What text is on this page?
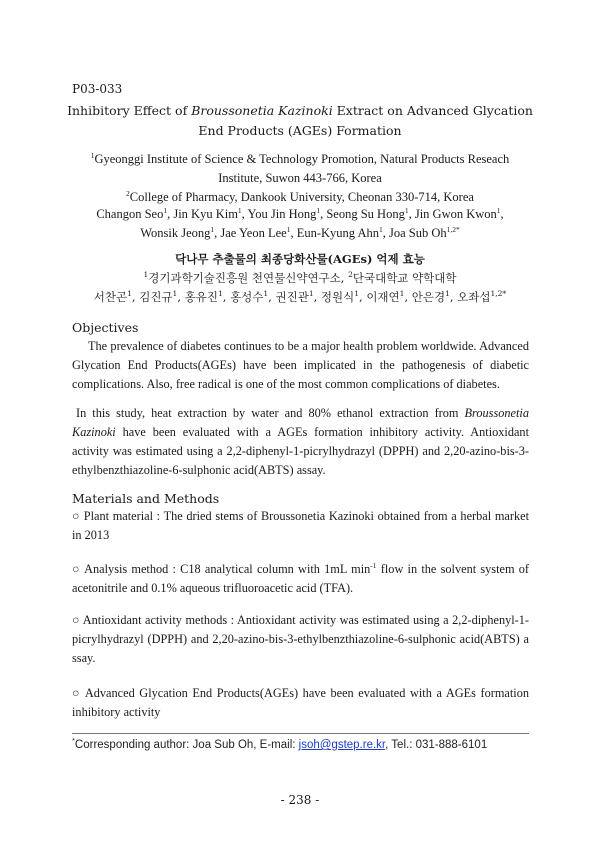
P03-033

Inhibitory Effect of Broussonetia Kazinoki Extract on Advanced Glycation
End Products (AGEs) Formation
$^1$Gyeonggi Institute of Science & Technology Promotion, Natural Products Reseach
Institute, Suwon 443-766, Korea
$^2$College of Pharmacy, Dankook University, Cheonan 330-714, Korea
Changon Seo$^1$, Jin Kyu Kim$^1$, You Jin Hong$^1$, Seong Su Hong$^1$, Jin Gwon Kwon$^1$,
Wonsik Jeong$^1$, Jae Yeon Lee$^1$, Eun-Kyung Ahn$^1$, Joa Sub $Oh^{1,2*}$
닥나무 추출물의 최종당화산물(AGEs) 억제 효능
$^1$경기과학기술진흥원 천연물신약연구소, $^2$단국대학교 약학대학
서찬곤$^1$, 김진규$^1$, 홍유진$^1$, 홍성수$^1$, 권진관$^1$, 정원식$^1$, 이재연$^1$, 안은경$^1$, 오좌섭$^{1,2*}$

Objectives

The prevalence of diabetes continues to be a major health problem worldwide. Advanced Glycation End Products(AGEs) have been implicated in the pathogenesis of diabetic complications. Also, free radical is one of the most common complications of diabetes.

In this study, heat extraction by water and 80% ethanol extraction from Broussonetia Kazinoki have been evaluated with a AGEs formation inhibitory activity. Antioxidant activity was estimated using a 2,2-diphenyl-1-picrylhydrazyl (DPPH) and 2,20-azino-bis-3-ethylbenzthiazoline-6-sulphonic acid(ABTS) assay.

Materials and Methods

○ Plant material : The dried stems of Broussonetia Kazinoki obtained from a herbal market in 2013

○ Analysis method : C18 analytical column with 1mL $\min^{-1}$ flow in the solvent system of acetonitrile and 0.1% aqueous trifluoroacetic acid (TFA).

○ Antioxidant activity methods : Antioxidant activity was estimated using a 2,2-diphenyl-1-picrylhydrazyl (DPPH) and 2,20-azino-bis-3-ethylbenzthiazoline-6-sulphonic acid(ABTS) assay.

○ Advanced Glycation End Products(AGEs) have been evaluated with a AGEs formation inhibitory activity

*Corresponding author: Joa Sub Oh, E-mail: jsoh@gstep.re.kr, Tel.: 031-888-6101

- 238 -
